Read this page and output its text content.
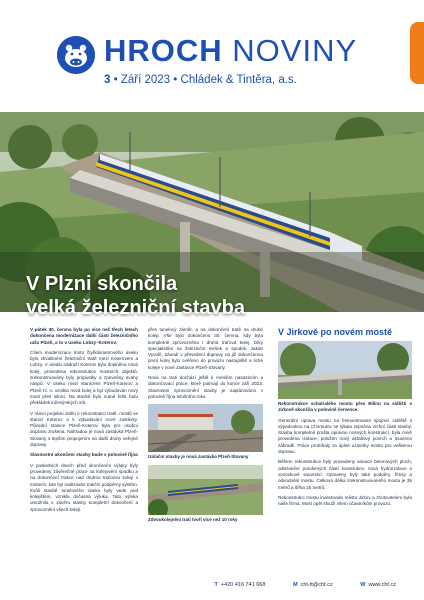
HROCH NOVINY
3 • Září 2023 • Chládek & Tintěra, a.s.
V Plzni skončila
velká železniční stavba

V pátek 30. června byla po více než třech letech dokončena modernizace další části železničního uzlu Plzeň, a to v úseku Lobzy–Koterov.

Cílem modernizace tímto čtyřkilometrového úseku bylo zkvalitnění železniční tratě mezi Koterovem a Lobzy. V areálu nádraží Koterov byla doplněna nová kolej, provedena rekonstrukce mostních objektů, zrekonstruovány byly propustky a zpevněny svahy náspů. V úseku mezi stanicemi Plzeň-Koterov a Plzeň hl. n. vznikla nová kolej a byl vybudován nový most přes silnici. Na stavbě bylo nutné řešit řadu překládek inženýrských sítí.

V rámci projektu došlo k rekonstrukci tratě, mostů ve stanici Koterov a k vybudování nové zastávky. Původní stanice Plzeň-Koterov byla pro osobní dopravu zrušena. Náhradou je nová zastávka Plzeň-Slovany s lepším propojením na další druhy veřejné dopravy.

Slavnostní ukončení stavby bude v polovině října

V posledních dnech před ukončením výluky byly provedeny závěrečné práce na kolejovém spodku a na dokončení trakce nad druhou traťovou kolejí v místech, kde byl realizován trakční podpěrný systém. Kvůli stavbě tunelového úseku byly vede pod kolejištěm, vznikla dočasná výluka. Tato výluka umožnila v závěru stavby kompletní dokončení a zprovoznění všech kolejí.

přes tunelový záměr, a na dokončení tratě na druhé koleji. Vše bylo dokončeno 30. června, kdy byla kompletně zprovozněna i druhá traťová kolej. Díky specialistům na železniční svršek a spodek, Jakub Vyvolíl, Závodí v převedení dopravy na již dokončenou první kolej bylo ověřeno do provozu nastupiště a liché koleje v nové zastávce Plzeň-Slovany.

Nová na trati dochází ještě k menším nasazením a dokončovací práce, které potrvají do konce září 2023. Slavnostní zprovoznění stavby je naplánováno v polovině října letošního roku.

Izolační stavby je nová zastávka Plzeň-Slovany

Zdvoukolejnění trati tvoří více než 10 roky

V Jirkově po novém mostě

Rekonstrukce schátralého mostu přes Bílinu na sídlišti v Jirkově skončila v polovině července.

Generální oprava mostu na frekventované spojnici sídliště s výpadovkou na Chomutov se týkala zejména vrchní části stavby. Stavba kompletně prošla opravou nosných konstrukcí, byla nově provedena izolace, položen nový asfaltový povrch a osazeno zábradlí. Práce probíhaly za úplné uzavírky mostu pro veškerou dopravu.

Během rekonstrukce byly provedeny sanace betonových ploch, odstranění porušených částí konstrukce, nová hydroizolace a vozovkové souvrství. Opraveny byly také podpěry, římsy a odvodnění mostu. Celková délka zrekonstruovaného mostu je 35 metrů a šířka 15 metrů.

Rekonstrukci mostu investovalo město Jirkov a zhotovitelem byla naše firma. Most opět slouží všem účastníkům provozu.

T +420 416 741 668	M cht-tt@cht.cz	W www.cht.cz
